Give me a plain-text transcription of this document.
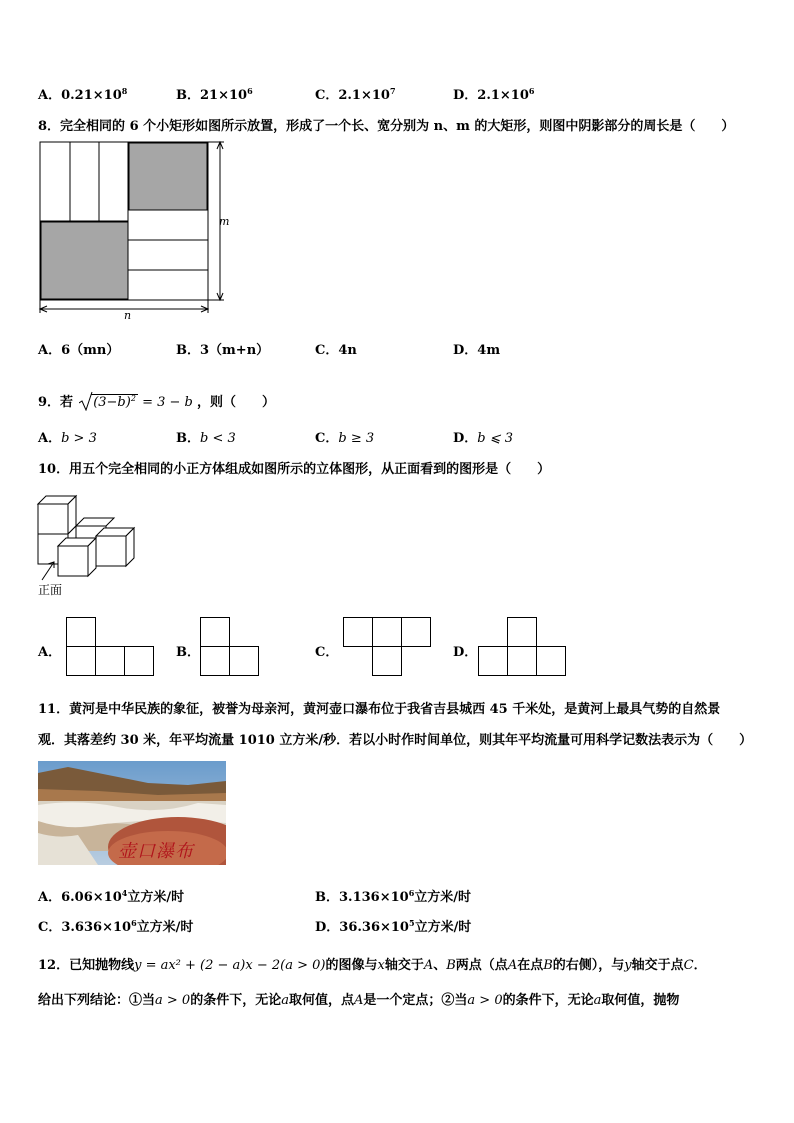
A．$0.21\times 10^8$	B．$21\times 10^6$	C．$2.1\times 10^7$	D．$2.1\times 10^6$
8．完全相同的 6 个小矩形如图所示放置，形成了一个长、宽分别为 n、m 的大矩形，则图中阴影部分的周长是（　　）
m
n
A．6（mn）	B．3（m+n）	C．4n	D．4m
9．若 $(3-b)^2 = 3 - b$ ，则（　　）
A．b > 3	B．b < 3	C．b ≥ 3	D．b ⩽ 3
10．用五个完全相同的小正方体组成如图所示的立体图形，从正面看到的图形是（　　）
正面
A．	B．	C．	D．
11．黄河是中华民族的象征，被誉为母亲河，黄河壶口瀑布位于我省吉县城西 45 千米处，是黄河上最具气势的自然景
观．其落差约 30 米，年平均流量 1010 立方米/秒．若以小时作时间单位，则其年平均流量可用科学记数法表示为（　　）
壶口瀑布
A．$6.06\times 10^4$立方米/时	B．$3.136\times 10^6$立方米/时
C．$3.636\times 10^6$立方米/时	D．$36.36\times 10^5$立方米/时
12．已知抛物线y = ax² + (2 − a)x − 2(a > 0)的图像与x轴交于A、B两点（点A在点B的右侧），与y轴交于点C．
给出下列结论：①当a > 0的条件下，无论a取何值，点A是一个定点；②当a > 0的条件下，无论a取何值，抛物
